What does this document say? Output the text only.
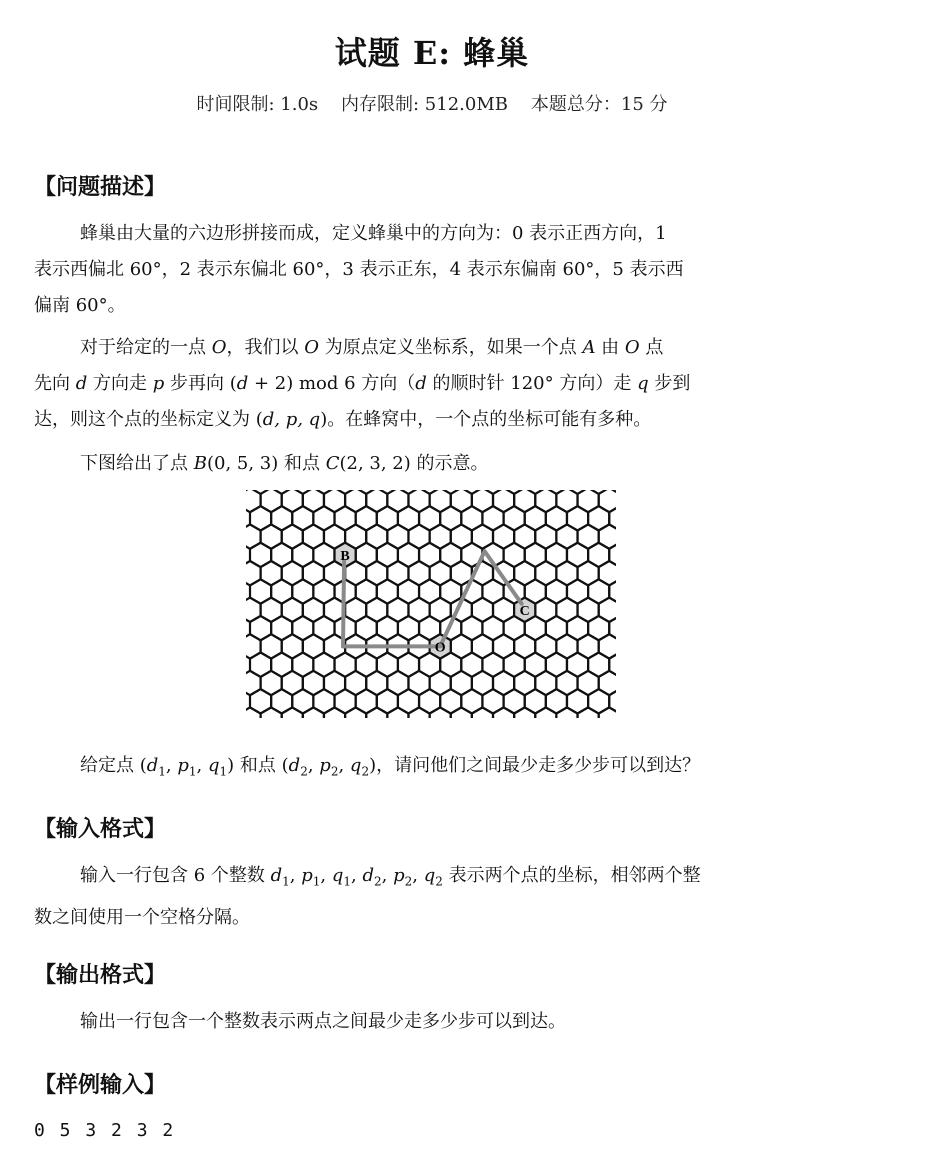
试题 E: 蜂巢
时间限制: 1.0s    内存限制: 512.0MB    本题总分：15 分
【问题描述】
蜂巢由大量的六边形拼接而成，定义蜂巢中的方向为：0 表示正西方向，1
表示西偏北 60°，2 表示东偏北 60°，3 表示正东，4 表示东偏南 60°，5 表示西
偏南 60°。
对于给定的一点 O，我们以 O 为原点定义坐标系，如果一个点 A 由 O 点
先向 d 方向走 p 步再向 (d + 2) mod 6 方向（d 的顺时针 120° 方向）走 q 步到
达，则这个点的坐标定义为 (d, p, q)。在蜂窝中，一个点的坐标可能有多种。
下图给出了点 B(0, 5, 3) 和点 C(2, 3, 2) 的示意。
B
C
O
给定点 ($d_1$, $p_1$, $q_1$) 和点 ($d_2$, $p_2$, $q_2$)，请问他们之间最少走多少步可以到达？
【输入格式】
输入一行包含 6 个整数 $d_1$, $p_1$, $q_1$, $d_2$, $p_2$, $q_2$ 表示两个点的坐标，相邻两个整
数之间使用一个空格分隔。
【输出格式】
输出一行包含一个整数表示两点之间最少走多少步可以到达。
【样例输入】
0 5 3 2 3 2
